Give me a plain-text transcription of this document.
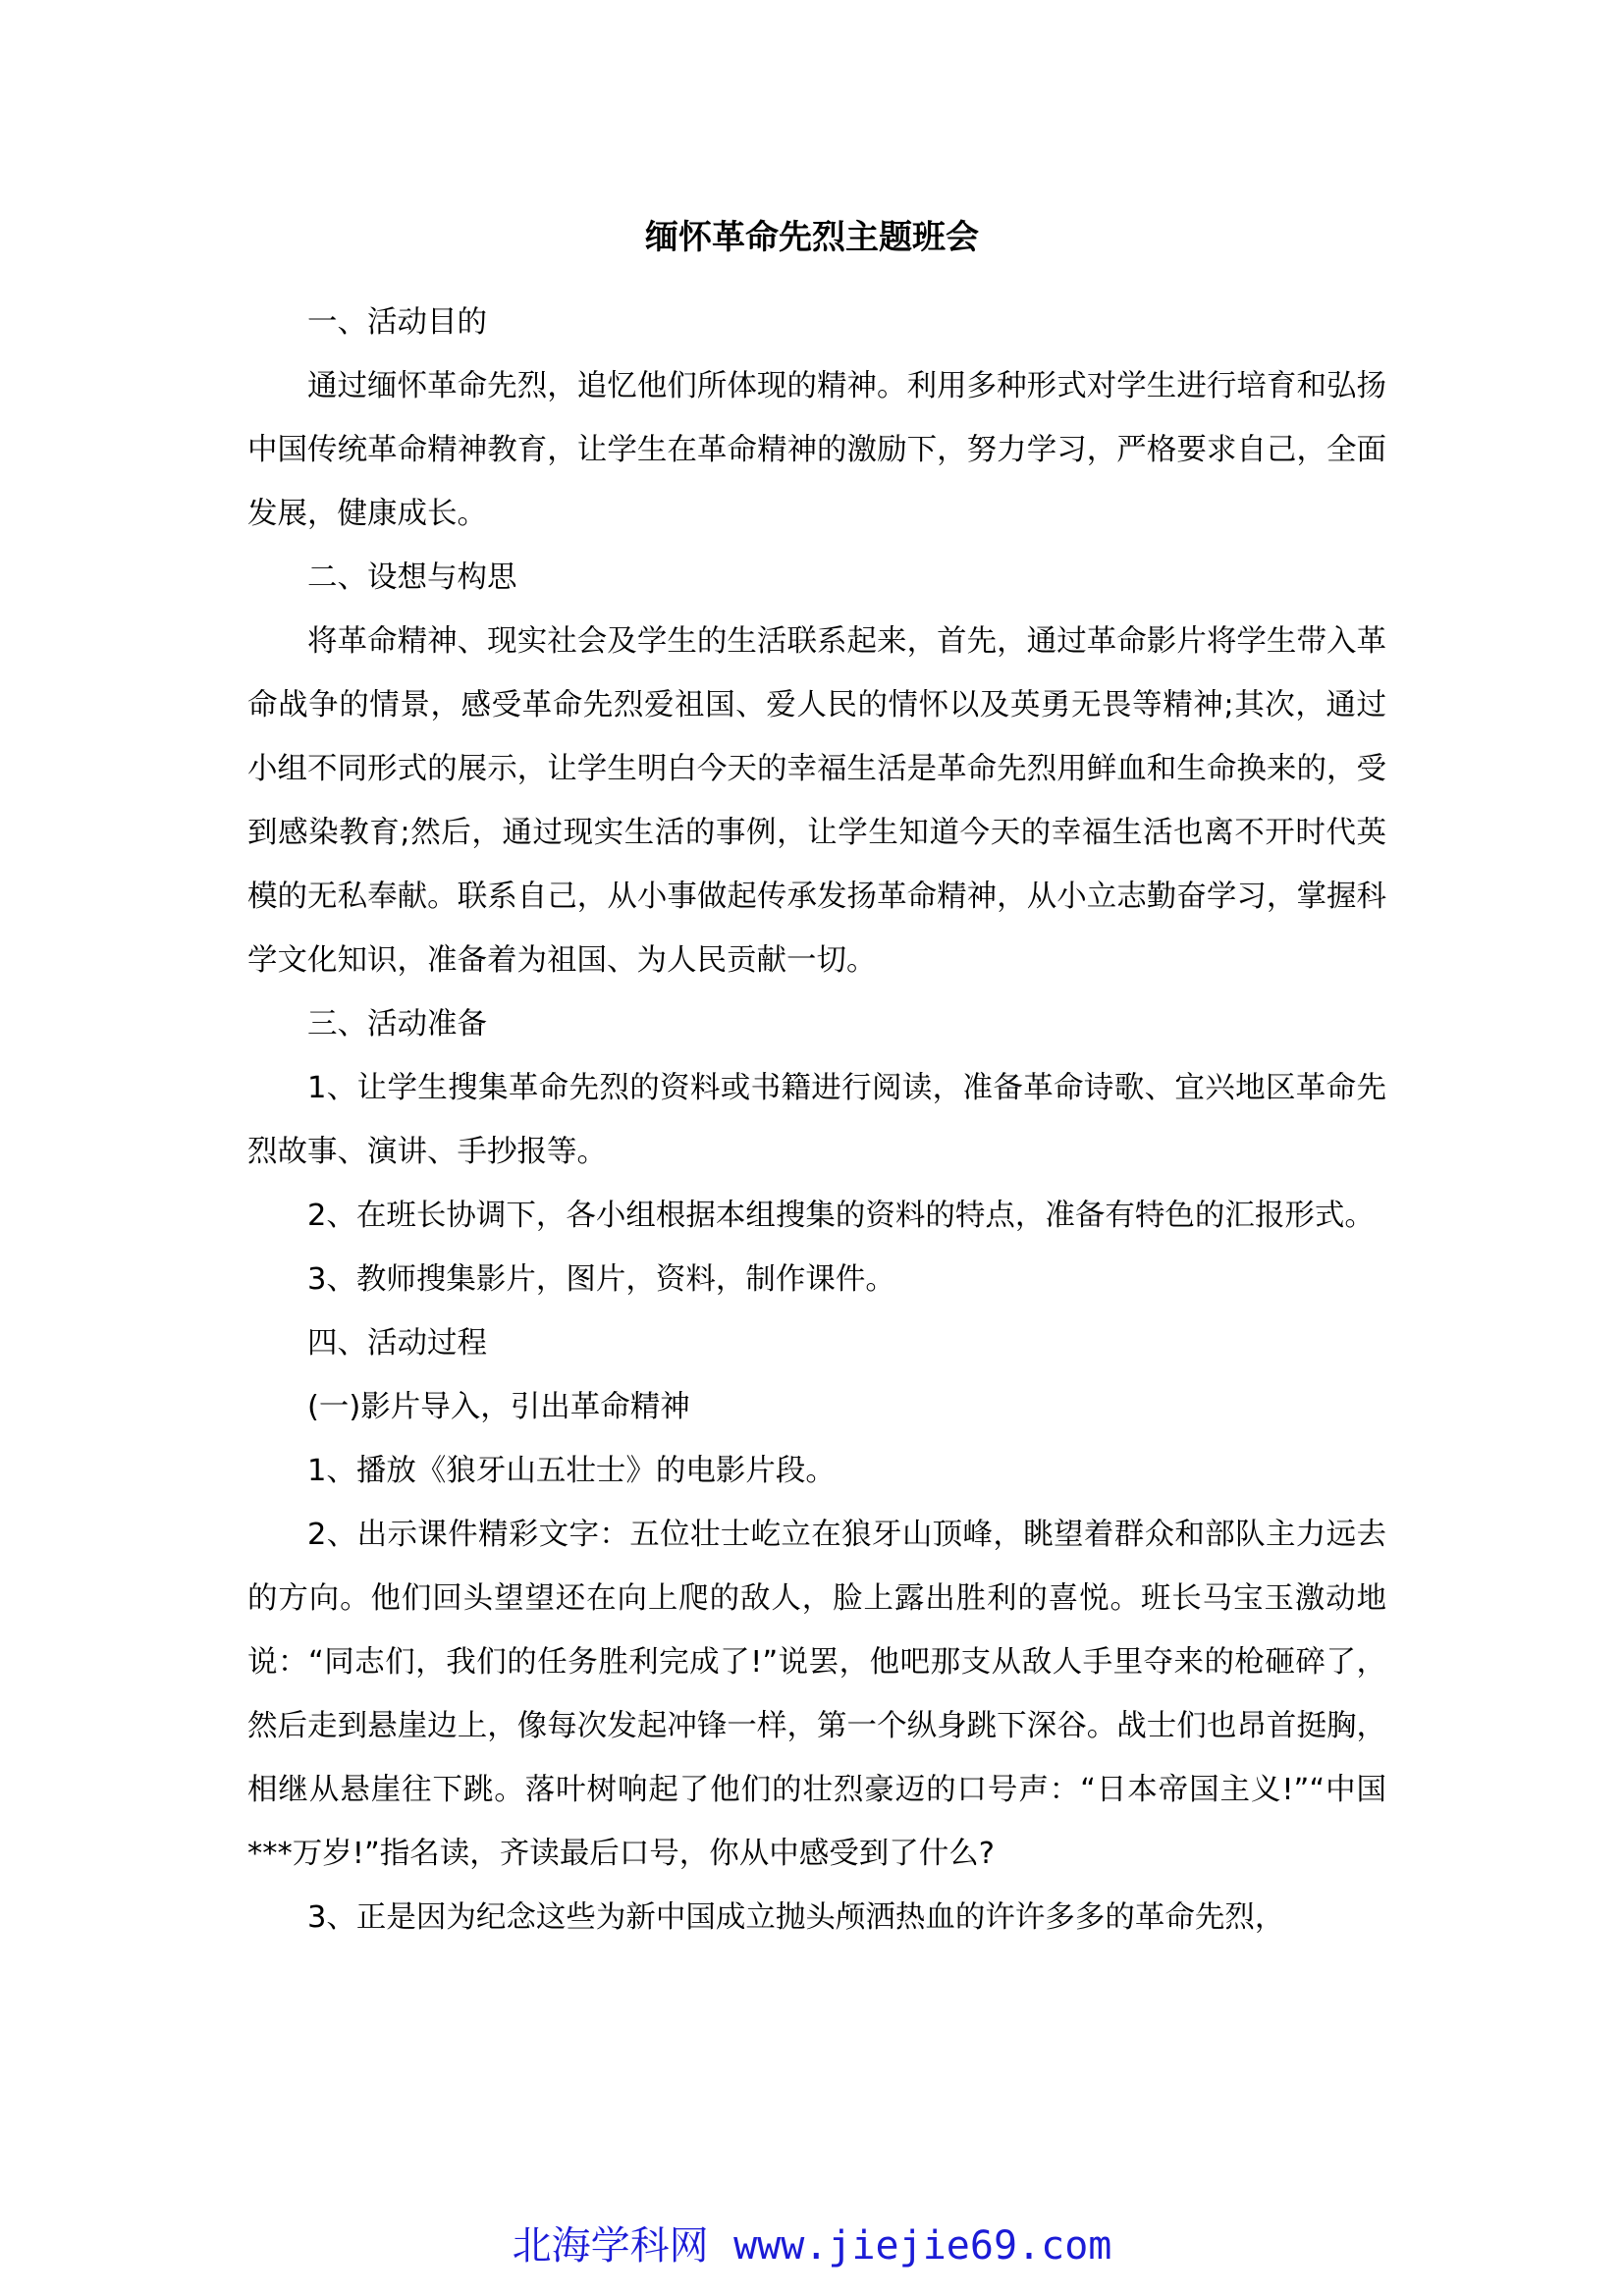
缅怀革命先烈主题班会

一、活动目的

通过缅怀革命先烈，追忆他们所体现的精神。利用多种形式对学生进行培育和弘扬中国传统革命精神教育，让学生在革命精神的激励下，努力学习，严格要求自己，全面发展，健康成长。

二、设想与构思

将革命精神、现实社会及学生的生活联系起来，首先，通过革命影片将学生带入革命战争的情景，感受革命先烈爱祖国、爱人民的情怀以及英勇无畏等精神;其次，通过小组不同形式的展示，让学生明白今天的幸福生活是革命先烈用鲜血和生命换来的，受到感染教育;然后，通过现实生活的事例，让学生知道今天的幸福生活也离不开时代英模的无私奉献。联系自己，从小事做起传承发扬革命精神，从小立志勤奋学习，掌握科学文化知识，准备着为祖国、为人民贡献一切。

三、活动准备

1、让学生搜集革命先烈的资料或书籍进行阅读，准备革命诗歌、宜兴地区革命先烈故事、演讲、手抄报等。

2、在班长协调下，各小组根据本组搜集的资料的特点，准备有特色的汇报形式。

3、教师搜集影片，图片，资料，制作课件。

四、活动过程

(一)影片导入，引出革命精神

1、播放《狼牙山五壮士》的电影片段。

2、出示课件精彩文字：五位壮士屹立在狼牙山顶峰，眺望着群众和部队主力远去的方向。他们回头望望还在向上爬的敌人，脸上露出胜利的喜悦。班长马宝玉激动地说：“同志们，我们的任务胜利完成了!”说罢，他吧那支从敌人手里夺来的枪砸碎了，然后走到悬崖边上，像每次发起冲锋一样，第一个纵身跳下深谷。战士们也昂首挺胸，相继从悬崖往下跳。落叶树响起了他们的壮烈豪迈的口号声：“日本帝国主义!”“中国***万岁!”指名读，齐读最后口号，你从中感受到了什么?

3、正是因为纪念这些为新中国成立抛头颅洒热血的许许多多的革命先烈，

北海学科网 www.jiejie69.com
